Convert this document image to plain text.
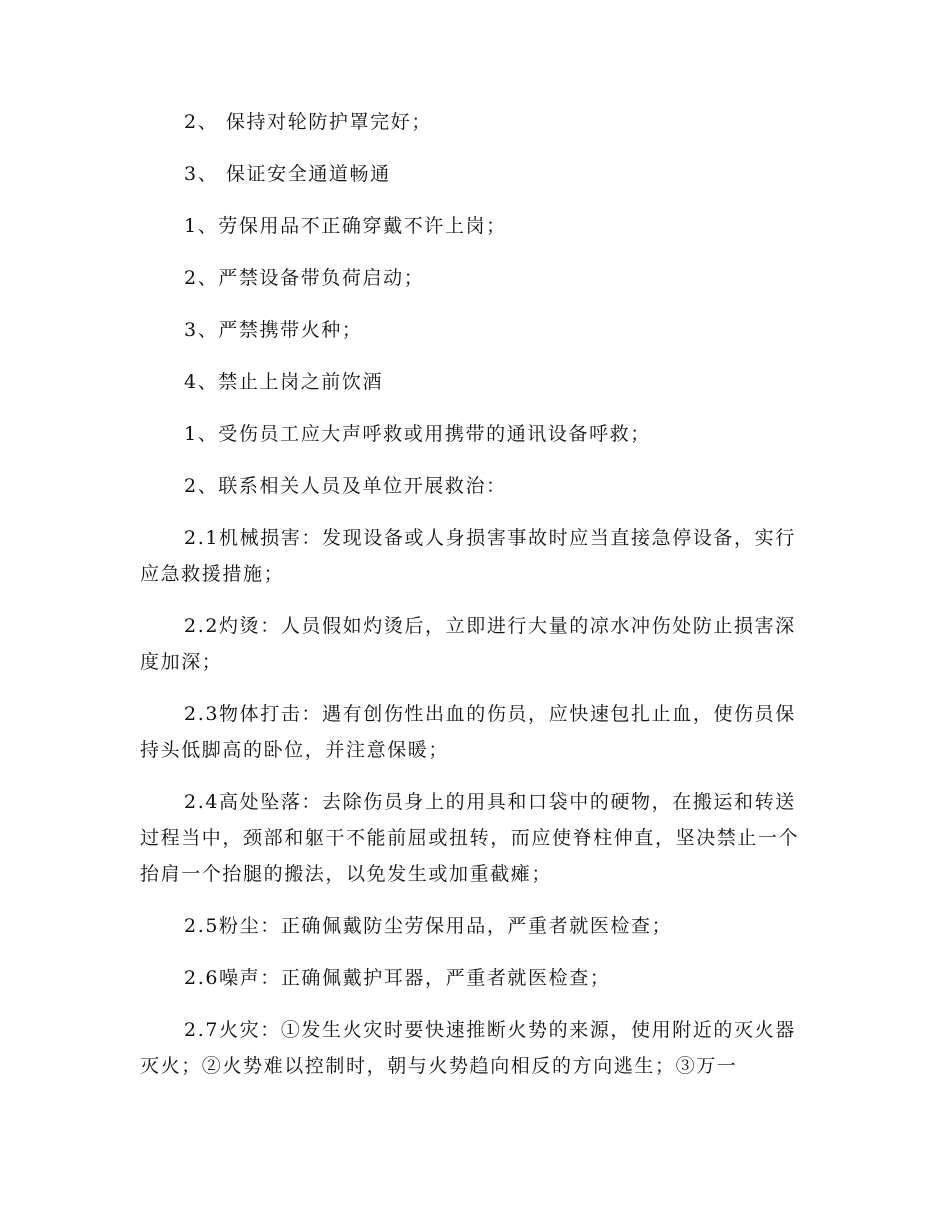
2、 保持对轮防护罩完好；

3、 保证安全通道畅通

1、劳保用品不正确穿戴不许上岗；

2、严禁设备带负荷启动；

3、严禁携带火种；

4、禁止上岗之前饮酒

1、受伤员工应大声呼救或用携带的通讯设备呼救；

2、联系相关人员及单位开展救治：

2.1机械损害：发现设备或人身损害事故时应当直接急停设备，实行应急救援措施；

2.2灼烫：人员假如灼烫后，立即进行大量的凉水冲伤处防止损害深度加深；

2.3物体打击：遇有创伤性出血的伤员，应快速包扎止血，使伤员保持头低脚高的卧位，并注意保暖；

2.4高处坠落：去除伤员身上的用具和口袋中的硬物，在搬运和转送过程当中，颈部和躯干不能前屈或扭转，而应使脊柱伸直，坚决禁止一个抬肩一个抬腿的搬法，以免发生或加重截瘫；

2.5粉尘：正确佩戴防尘劳保用品，严重者就医检查；

2.6噪声：正确佩戴护耳器，严重者就医检查；

2.7火灾：①发生火灾时要快速推断火势的来源，使用附近的灭火器灭火；②火势难以控制时，朝与火势趋向相反的方向逃生；③万一
